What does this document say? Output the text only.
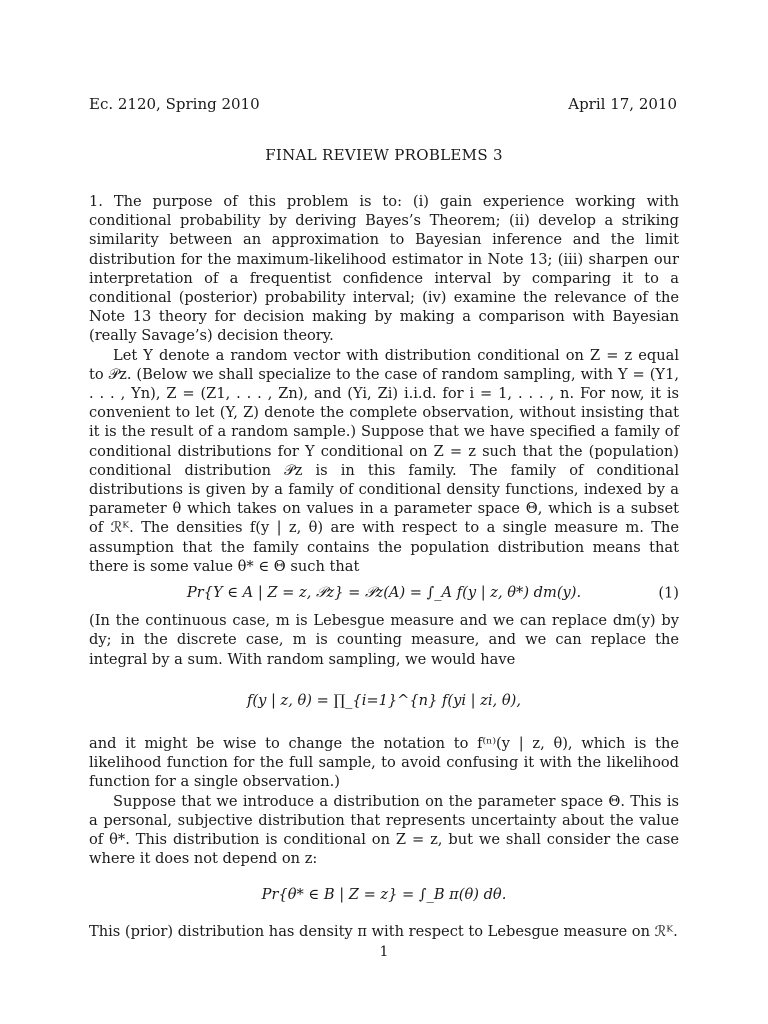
Ec. 2120, Spring 2010	April 17, 2010
FINAL REVIEW PROBLEMS 3

1. The purpose of this problem is to: (i) gain experience working with conditional probability by deriving Bayes’s Theorem; (ii) develop a striking similarity between an approximation to Bayesian inference and the limit distribution for the maximum-likelihood estimator in Note 13; (iii) sharpen our interpretation of a frequentist confidence interval by comparing it to a conditional (posterior) probability interval; (iv) examine the relevance of the Note 13 theory for decision making by making a comparison with Bayesian (really Savage’s) decision theory.

Let Y denote a random vector with distribution conditional on Z = z equal to 𝒫z. (Below we shall specialize to the case of random sampling, with Y = (Y1, . . . , Yn), Z = (Z1, . . . , Zn), and (Yi, Zi) i.i.d. for i = 1, . . . , n. For now, it is convenient to let (Y, Z) denote the complete observation, without insisting that it is the result of a random sample.) Suppose that we have specified a family of conditional distributions for Y conditional on Z = z such that the (population) conditional distribution 𝒫z is in this family. The family of conditional distributions is given by a family of conditional density functions, indexed by a parameter θ which takes on values in a parameter space Θ, which is a subset of ℛᴷ. The densities f(y | z, θ) are with respect to a single measure m. The assumption that the family contains the population distribution means that there is some value θ* ∈ Θ such that

Pr{Y ∈ A | Z = z, 𝒫z} = 𝒫z(A) = ∫_A f(y | z, θ*) dm(y).	(1)

(In the continuous case, m is Lebesgue measure and we can replace dm(y) by dy; in the discrete case, m is counting measure, and we can replace the integral by a sum. With random sampling, we would have

f(y | z, θ) = ∏_{i=1}^{n} f(yi | zi, θ),

and it might be wise to change the notation to f⁽ⁿ⁾(y | z, θ), which is the likelihood function for the full sample, to avoid confusing it with the likelihood function for a single observation.)

Suppose that we introduce a distribution on the parameter space Θ. This is a personal, subjective distribution that represents uncertainty about the value of θ*. This distribution is conditional on Z = z, but we shall consider the case where it does not depend on z:

Pr{θ* ∈ B | Z = z} = ∫_B π(θ) dθ.

This (prior) distribution has density π with respect to Lebesgue measure on ℛᴷ.

1
